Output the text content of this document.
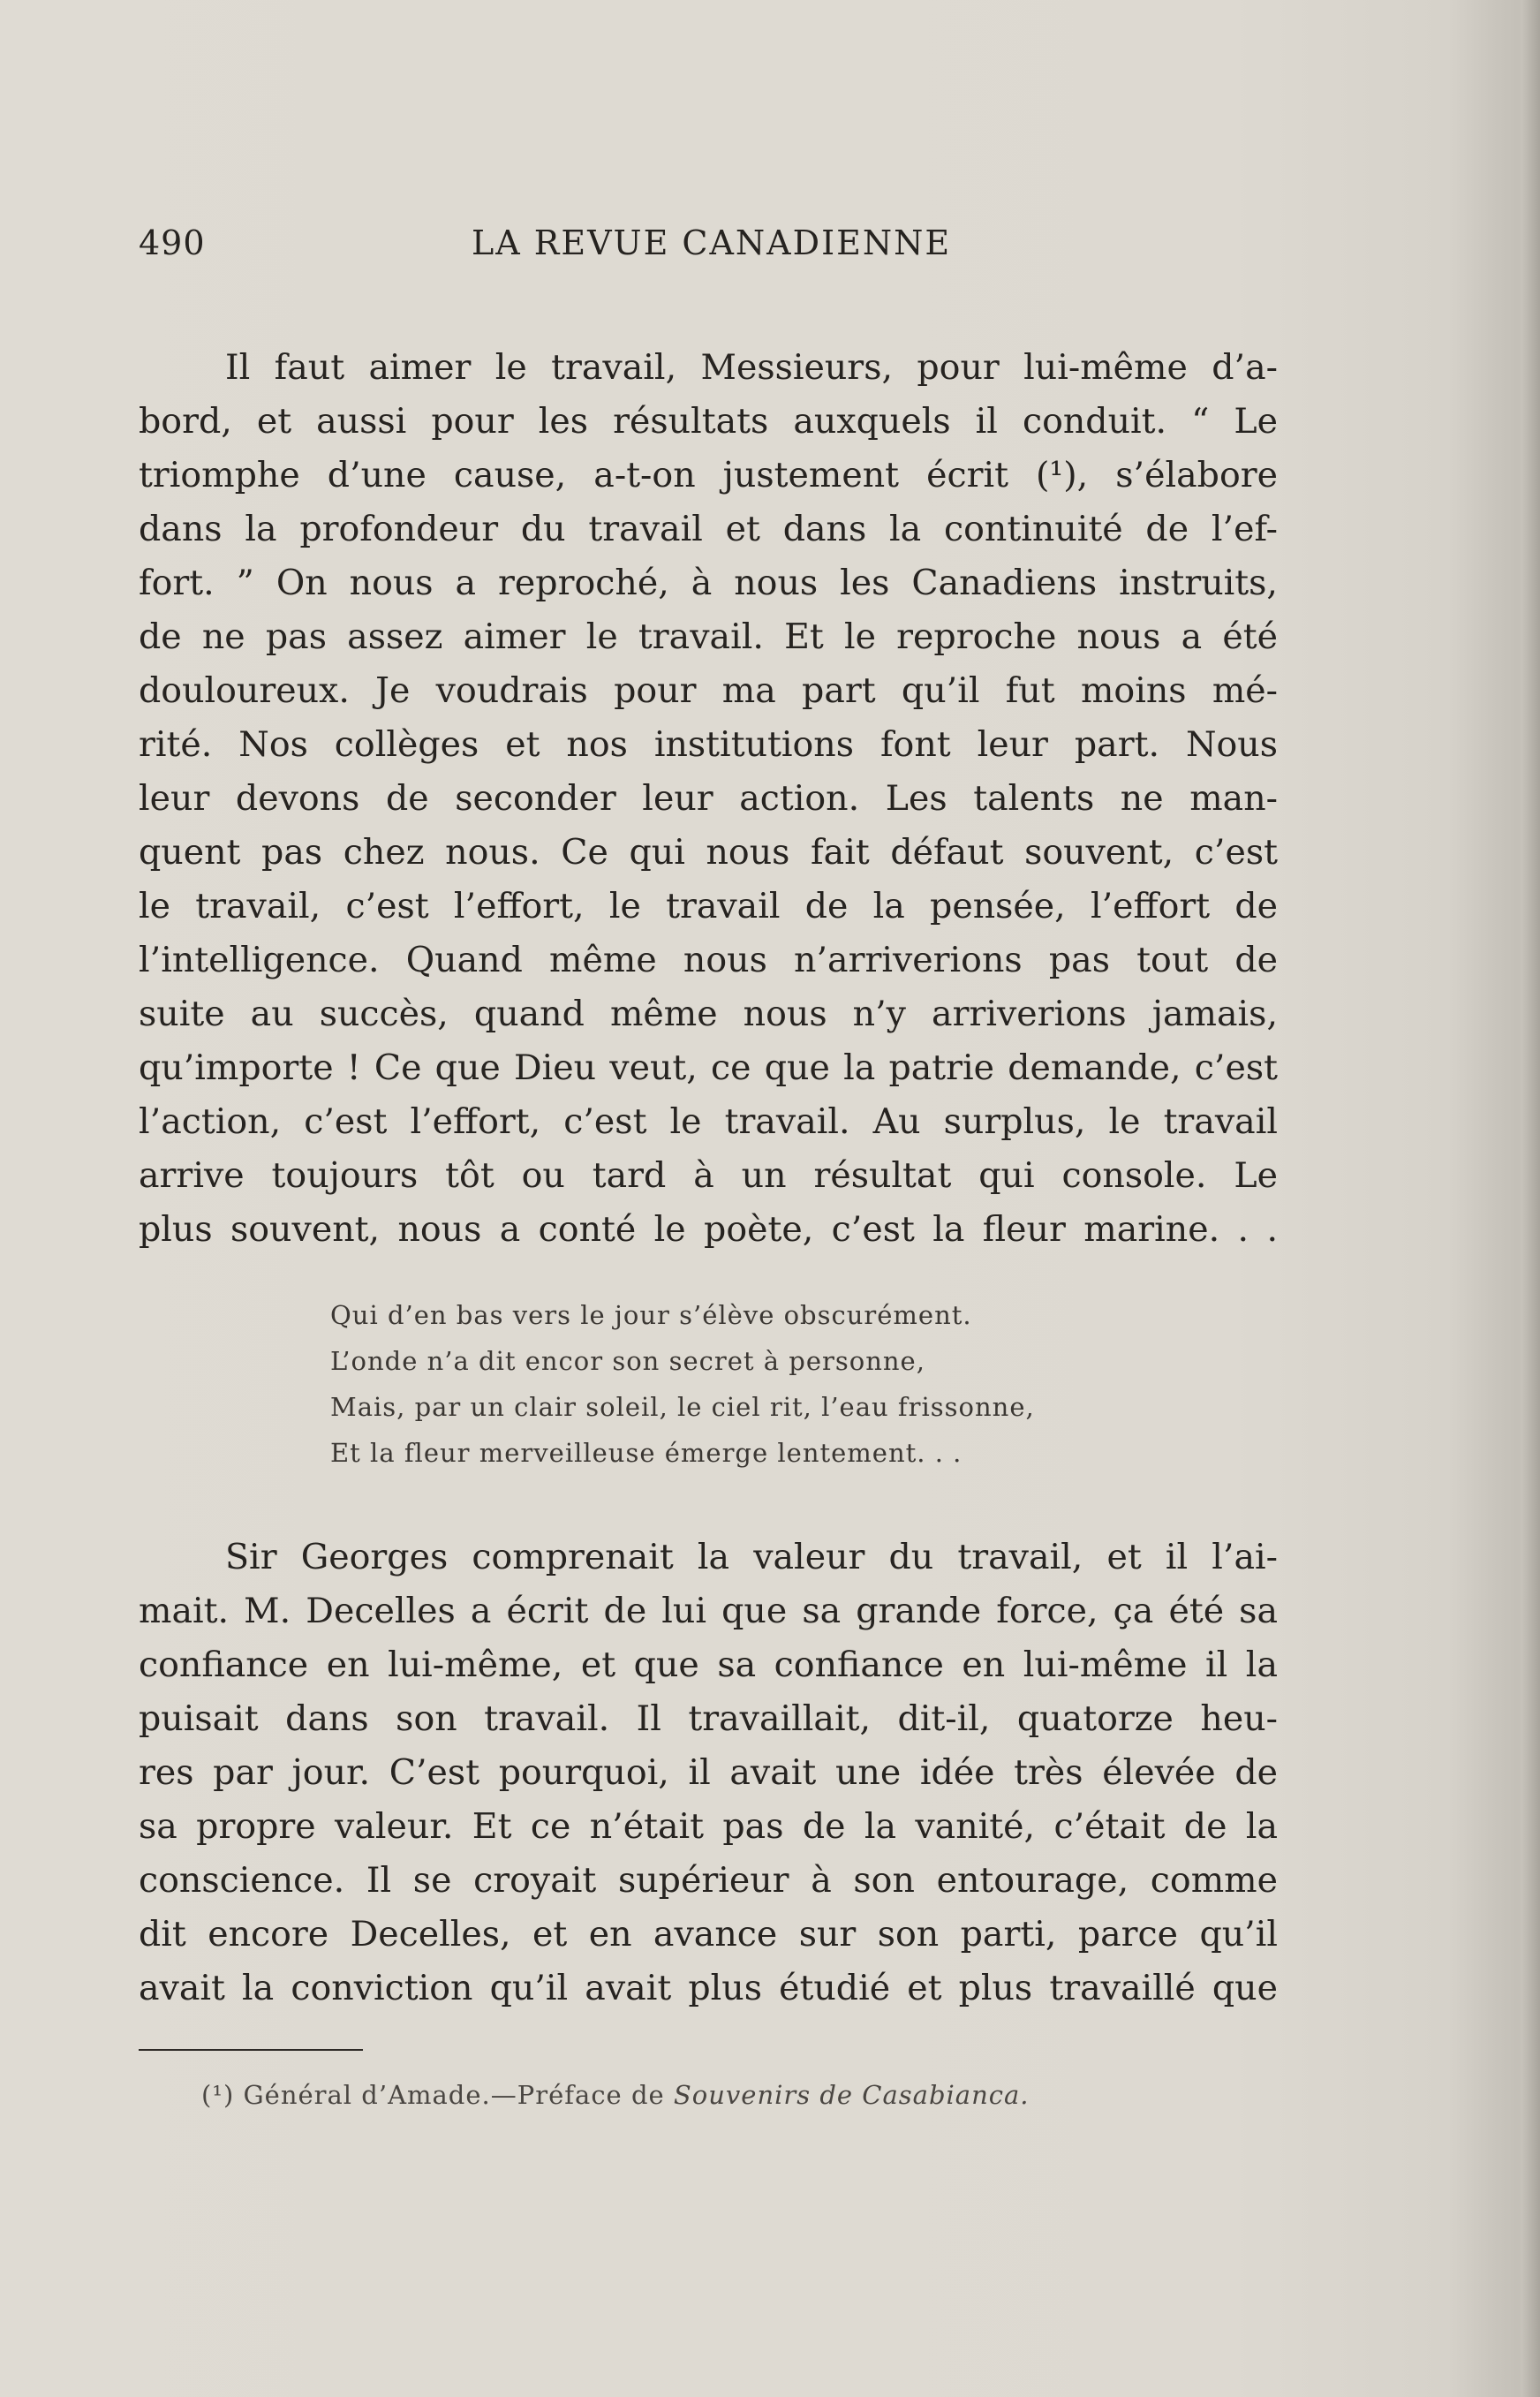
490	LA REVUE CANADIENNE
Il faut aimer le travail, Messieurs, pour lui-même d’a-
bord, et aussi pour les résultats auxquels il conduit. “ Le
triomphe d’une cause, a-t-on justement écrit (¹), s’élabore
dans la profondeur du travail et dans la continuité de l’ef-
fort. ” On nous a reproché, à nous les Canadiens instruits,
de ne pas assez aimer le travail. Et le reproche nous a été
douloureux. Je voudrais pour ma part qu’il fut moins mé-
rité. Nos collèges et nos institutions font leur part. Nous
leur devons de seconder leur action. Les talents ne man-
quent pas chez nous. Ce qui nous fait défaut souvent, c’est
le travail, c’est l’effort, le travail de la pensée, l’effort de
l’intelligence. Quand même nous n’arriverions pas tout de
suite au succès, quand même nous n’y arriverions jamais,
qu’importe ! Ce que Dieu veut, ce que la patrie demande, c’est
l’action, c’est l’effort, c’est le travail. Au surplus, le travail
arrive toujours tôt ou tard à un résultat qui console. Le
plus souvent, nous a conté le poète, c’est la fleur marine. . .
Qui d’en bas vers le jour s’élève obscurément.
L’onde n’a dit encor son secret à personne,
Mais, par un clair soleil, le ciel rit, l’eau frissonne,
Et la fleur merveilleuse émerge lentement. . .
Sir Georges comprenait la valeur du travail, et il l’ai-
mait. M. Decelles a écrit de lui que sa grande force, ça été sa
confiance en lui-même, et que sa confiance en lui-même il la
puisait dans son travail. Il travaillait, dit-il, quatorze heu-
res par jour. C’est pourquoi, il avait une idée très élevée de
sa propre valeur. Et ce n’était pas de la vanité, c’était de la
conscience. Il se croyait supérieur à son entourage, comme
dit encore Decelles, et en avance sur son parti, parce qu’il
avait la conviction qu’il avait plus étudié et plus travaillé que
(¹) Général d’Amade.—Préface de Souvenirs de Casabianca.
